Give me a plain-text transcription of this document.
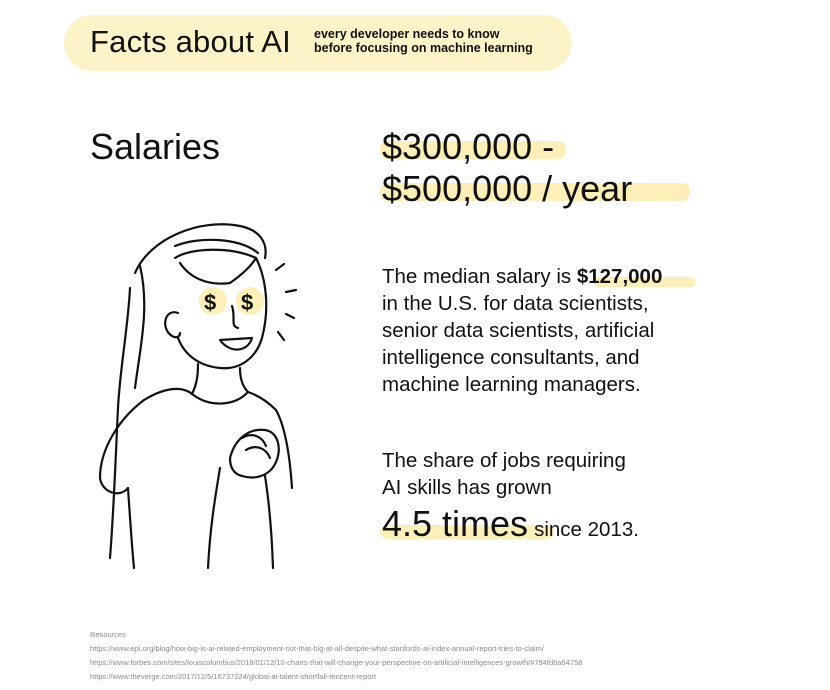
Facts about AI every developer needs to know
before focusing on machine learning
Salaries	$300,000 -
$500,000 / year
The median salary is $127,000
in the U.S. for data scientists,
senior data scientists, artificial
intelligence consultants, and
machine learning managers.
The share of jobs requiring
AI skills has grown
4.5 times since 2013.
$ $
Resources
https://www.epi.org/blog/how-big-is-ai-related-employment-not-that-big-at-all-despite-what-stanfords-ai-index-annual-report-tries-to-claim/
https://www.forbes.com/sites/louiscolumbus/2018/01/12/10-charts-that-will-change-your-perspective-on-artificial-intelligences-growth/#794fd6a64758
https://www.theverge.com/2017/12/5/16737224/global-ai-talent-shortfall-tencent-report
